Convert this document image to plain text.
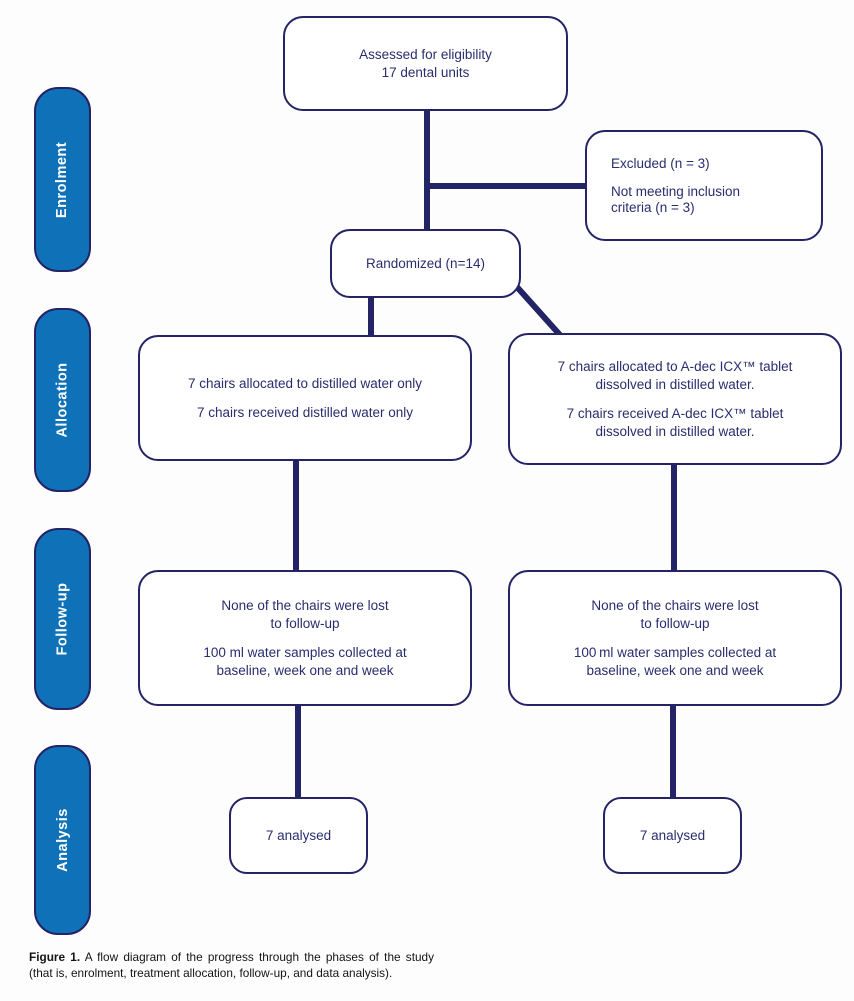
Enrolment
Allocation
Follow-up
Analysis
Assessed for eligibility
17 dental units
Excluded (n = 3)
Not meeting inclusion
criteria (n = 3)
Randomized (n=14)
7 chairs allocated to distilled water only
7 chairs received distilled water only
7 chairs allocated to A-dec ICX™ tablet
dissolved in distilled water.
7 chairs received A-dec ICX™ tablet
dissolved in distilled water.
None of the chairs were lost
to follow-up
100 ml water samples collected at
baseline, week one and week
None of the chairs were lost
to follow-up
100 ml water samples collected at
baseline, week one and week
7 analysed	7 analysed
Figure 1. A flow diagram of the progress through the phases of the study (that is, enrolment, treatment allocation, follow-up, and data analysis).
